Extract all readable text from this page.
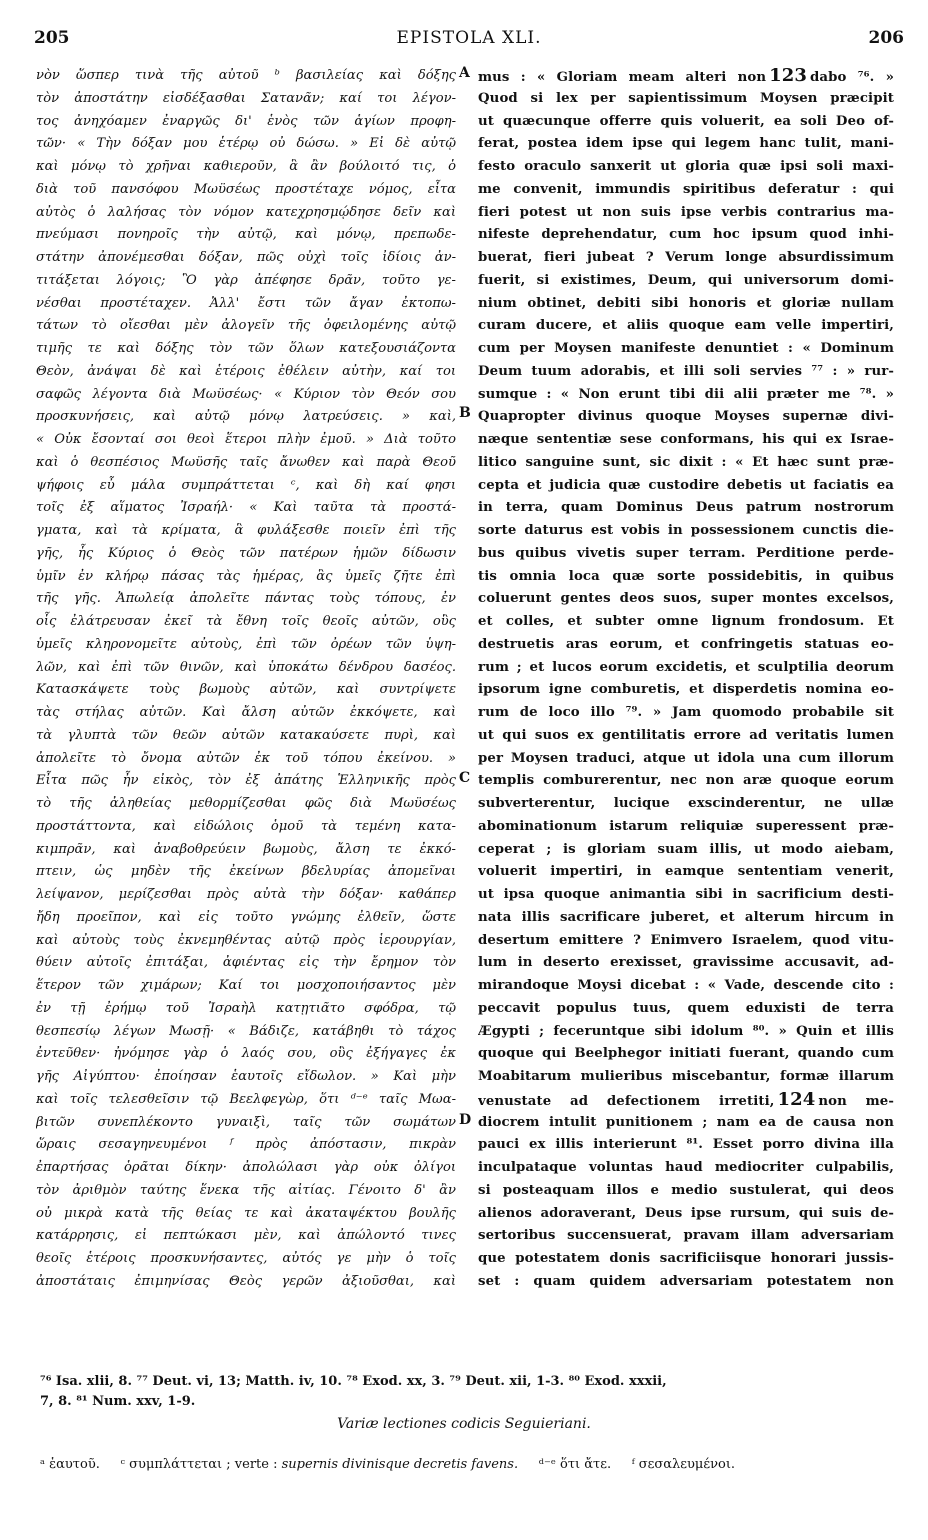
205	EPISTOLA XLI.	206
νὸν ὥσπερ τινὰ τῆς αὐτοῦ ᵇ βασιλείας καὶ δόξης
τὸν ἀποστάτην εἰσδέξασθαι Σατανᾶν; καί τοι λέγον-
τος ἀνηχόαμεν ἐναργῶς δι' ἑνὸς τῶν ἁγίων προφη-
τῶν· « Τὴν δόξαν μου ἑτέρῳ οὐ δώσω. » Εἰ δὲ αὐτῷ
καὶ μόνῳ τὸ χρῆναι καθιεροῦν, ἃ ἂν βούλοιτό τις, ὁ
διὰ τοῦ πανσόφου Μωϋσέως προστέταχε νόμος, εἶτα
αὐτὸς ὁ λαλήσας τὸν νόμον κατεχρησμῴδησε δεῖν καὶ
πνεύμασι πονηροῖς τὴν αὐτῷ, καὶ μόνῳ, πρεπωδε-
στάτην ἀπονέμεσθαι δόξαν, πῶς οὐχὶ τοῖς ἰδίοις ἀν-
τιτάξεται λόγοις; Ὃ γὰρ ἀπέφησε δρᾶν, τοῦτο γε-
νέσθαι προστέταχεν. Ἀλλ' ἔστι τῶν ἄγαν ἐκτοπω-
τάτων τὸ οἴεσθαι μὲν ἀλογεῖν τῆς ὀφειλομένης αὐτῷ
τιμῆς τε καὶ δόξης τὸν τῶν ὅλων κατεξουσιάζοντα
Θεὸν, ἀνάψαι δὲ καὶ ἑτέροις ἐθέλειν αὐτὴν, καί τοι
σαφῶς λέγοντα διὰ Μωϋσέως· « Κύριον τὸν Θεόν σου
προσκυνήσεις, καὶ αὐτῷ μόνῳ λατρεύσεις. » καὶ,
« Οὐκ ἔσονταί σοι θεοὶ ἕτεροι πλὴν ἐμοῦ. » Διὰ τοῦτο
καὶ ὁ θεσπέσιος Μωϋσῆς ταῖς ἄνωθεν καὶ παρὰ Θεοῦ
ψήφοις εὖ μάλα συμπράττεται ᶜ, καὶ δὴ καί φησι
τοῖς ἐξ αἵματος Ἰσραήλ· « Καὶ ταῦτα τὰ προστά-
γματα, καὶ τὰ κρίματα, ἃ φυλάξεσθε ποιεῖν ἐπὶ τῆς
γῆς, ἧς Κύριος ὁ Θεὸς τῶν πατέρων ἡμῶν δίδωσιν
ὑμῖν ἐν κλήρῳ πάσας τὰς ἡμέρας, ἃς ὑμεῖς ζῆτε ἐπὶ
τῆς γῆς. Ἀπωλείᾳ ἀπολεῖτε πάντας τοὺς τόπους, ἐν
οἷς ἐλάτρευσαν ἐκεῖ τὰ ἔθνη τοῖς θεοῖς αὐτῶν, οὓς
ὑμεῖς κληρονομεῖτε αὐτοὺς, ἐπὶ τῶν ὀρέων τῶν ὑψη-
λῶν, καὶ ἐπὶ τῶν θινῶν, καὶ ὑποκάτω δένδρου δασέος.
Κατασκάψετε τοὺς βωμοὺς αὐτῶν, καὶ συντρίψετε
τὰς στήλας αὐτῶν. Καὶ ἄλση αὐτῶν ἐκκόψετε, καὶ
τὰ γλυπτὰ τῶν θεῶν αὐτῶν κατακαύσετε πυρὶ, καὶ
ἀπολεῖτε τὸ ὄνομα αὐτῶν ἐκ τοῦ τόπου ἐκείνου. »
Εἶτα πῶς ἦν εἰκὸς, τὸν ἐξ ἀπάτης Ἑλληνικῆς πρὸς
τὸ τῆς ἀληθείας μεθορμίζεσθαι φῶς διὰ Μωϋσέως
προστάττοντα, καὶ εἰδώλοις ὁμοῦ τὰ τεμένη κατα-
κιμπρᾶν, καὶ ἀναβοθρεύειν βωμοὺς, ἄλση τε ἐκκό-
πτειν, ὡς μηδὲν τῆς ἐκείνων βδελυρίας ἀπομεῖναι
λείψανον, μερίζεσθαι πρὸς αὐτὰ τὴν δόξαν· καθάπερ
ἤδη προεῖπον, καὶ εἰς τοῦτο γνώμης ἐλθεῖν, ὥστε
καὶ αὐτοὺς τοὺς ἐκνεμηθέντας αὐτῷ πρὸς ἱερουργίαν,
θύειν αὐτοῖς ἐπιτάξαι, ἀφιέντας εἰς τὴν ἔρημον τὸν
ἕτερον τῶν χιμάρων; Καί τοι μοσχοποιήσαντος μὲν
ἐν τῇ ἐρήμῳ τοῦ Ἰσραὴλ κατῃτιᾶτο σφόδρα, τῷ
θεσπεσίῳ λέγων Μωσῇ· « Βάδιζε, κατάβηθι τὸ τάχος
ἐντεῦθεν· ἠνόμησε γὰρ ὁ λαός σου, οὓς ἐξήγαγες ἐκ
γῆς Αἰγύπτου· ἐποίησαν ἑαυτοῖς εἴδωλον. » Καὶ μὴν
καὶ τοῖς τελεσθεῖσιν τῷ Βεελφεγὼρ, ὅτι ᵈ⁻ᵉ ταῖς Μωα-
βιτῶν συνεπλέκοντο γυναιξὶ, ταῖς τῶν σωμάτων
ὥραις σεσαγηνευμένοι ᶠ πρὸς ἀπόστασιν, πικρὰν
ἐπαρτήσας ὁρᾶται δίκην· ἀπολώλασι γὰρ οὐκ ὀλίγοι
τὸν ἀριθμὸν ταύτης ἕνεκα τῆς αἰτίας. Γένοιτο δ' ἂν
οὐ μικρὰ κατὰ τῆς θείας τε καὶ ἀκαταψέκτου βουλῆς
κατάρρησις, εἰ πεπτώκασι μὲν, καὶ ἀπώλοντό τινες
θεοῖς ἑτέροις προσκυνήσαντες, αὐτός γε μὴν ὁ τοῖς
ἀποστάταις ἐπιμηνίσας Θεὸς γερῶν ἀξιοῦσθαι, καὶ
mus : « Gloriam meam alteri non 123 dabo ⁷⁶. »
Quod si lex per sapientissimum Moysen præcipit
ut quæcunque offerre quis voluerit, ea soli Deo of-
ferat, postea idem ipse qui legem hanc tulit, mani-
festo oraculo sanxerit ut gloria quæ ipsi soli maxi-
me convenit, immundis spiritibus deferatur : qui
fieri potest ut non suis ipse verbis contrarius ma-
nifeste deprehendatur, cum hoc ipsum quod inhi-
buerat, fieri jubeat ? Verum longe absurdissimum
fuerit, si existimes, Deum, qui universorum domi-
nium obtinet, debiti sibi honoris et gloriæ nullam
curam ducere, et aliis quoque eam velle impertiri,
cum per Moysen manifeste denuntiet : « Dominum
Deum tuum adorabis, et illi soli servies ⁷⁷ : » rur-
sumque : « Non erunt tibi dii alii præter me ⁷⁸. »
Quapropter divinus quoque Moyses supernæ divi-
næque sententiæ sese conformans, his qui ex Israe-
litico sanguine sunt, sic dixit : « Et hæc sunt præ-
cepta et judicia quæ custodire debetis ut faciatis ea
in terra, quam Dominus Deus patrum nostrorum
sorte daturus est vobis in possessionem cunctis die-
bus quibus vivetis super terram. Perditione perde-
tis omnia loca quæ sorte possidebitis, in quibus
coluerunt gentes deos suos, super montes excelsos,
et colles, et subter omne lignum frondosum. Et
destruetis aras eorum, et confringetis statuas eo-
rum ; et lucos eorum excidetis, et sculptilia deorum
ipsorum igne comburetis, et disperdetis nomina eo-
rum de loco illo ⁷⁹. » Jam quomodo probabile sit
ut qui suos ex gentilitatis errore ad veritatis lumen
per Moysen traduci, atque ut idola una cum illorum
templis comburerentur, nec non aræ quoque eorum
subverterentur, lucique exscinderentur, ne ullæ
abominationum istarum reliquiæ superessent præ-
ceperat ; is gloriam suam illis, ut modo aiebam,
voluerit impertiri, in eamque sententiam venerit,
ut ipsa quoque animantia sibi in sacrificium desti-
nata illis sacrificare juberet, et alterum hircum in
desertum emittere ? Enimvero Israelem, quod vitu-
lum in deserto erexisset, gravissime accusavit, ad-
mirandoque Moysi dicebat : « Vade, descende cito :
peccavit populus tuus, quem eduxisti de terra
Ægypti ; feceruntque sibi idolum ⁸⁰. » Quin et illis
quoque qui Beelphegor initiati fuerant, quando cum
Moabitarum mulieribus miscebantur, formæ illarum
venustate ad defectionem irretiti, 124 non me-
diocrem intulit punitionem ; nam ea de causa non
pauci ex illis interierunt ⁸¹. Esset porro divina illa
inculpataque voluntas haud mediocriter culpabilis,
si posteaquam illos e medio sustulerat, qui deos
alienos adoraverant, Deus ipse rursum, qui suis de-
sertoribus succensuerat, pravam illam adversariam
que potestatem donis sacrificiisque honorari jussis-
set : quam quidem adversariam potestatem non
A
B
C
D
⁷⁶ Isa. xlii, 8. ⁷⁷ Deut. vi, 13; Matth. iv, 10. ⁷⁸ Exod. xx, 3. ⁷⁹ Deut. xii, 1-3. ⁸⁰ Exod. xxxii,
7, 8. ⁸¹ Num. xxv, 1-9.
Variæ lectiones codicis Seguieriani.
ᵃ ἑαυτοῦ. ᶜ συμπλάττεται ; verte : supernis divinisque decretis favens. ᵈ⁻ᵉ ὅτι ἄτε. ᶠ σεσαλευμένοι.
